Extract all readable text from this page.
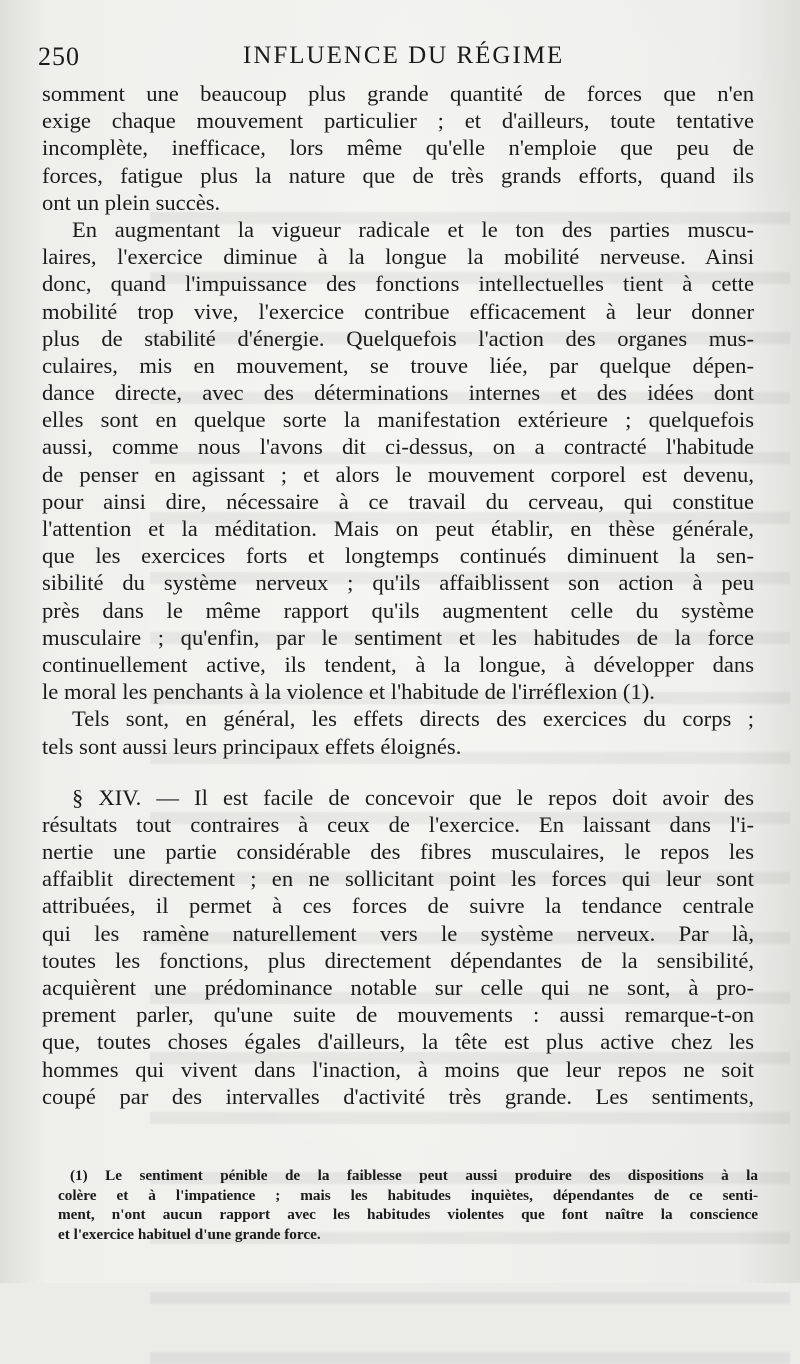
250	INFLUENCE DU RÉGIME
somment une beaucoup plus grande quantité de forces que n'en
exige chaque mouvement particulier ; et d'ailleurs, toute tentative
incomplète, inefficace, lors même qu'elle n'emploie que peu de
forces, fatigue plus la nature que de très grands efforts, quand ils
ont un plein succès.
En augmentant la vigueur radicale et le ton des parties muscu-
laires, l'exercice diminue à la longue la mobilité nerveuse. Ainsi
donc, quand l'impuissance des fonctions intellectuelles tient à cette
mobilité trop vive, l'exercice contribue efficacement à leur donner
plus de stabilité d'énergie. Quelquefois l'action des organes mus-
culaires, mis en mouvement, se trouve liée, par quelque dépen-
dance directe, avec des déterminations internes et des idées dont
elles sont en quelque sorte la manifestation extérieure ; quelquefois
aussi, comme nous l'avons dit ci-dessus, on a contracté l'habitude
de penser en agissant ; et alors le mouvement corporel est devenu,
pour ainsi dire, nécessaire à ce travail du cerveau, qui constitue
l'attention et la méditation. Mais on peut établir, en thèse générale,
que les exercices forts et longtemps continués diminuent la sen-
sibilité du système nerveux ; qu'ils affaiblissent son action à peu
près dans le même rapport qu'ils augmentent celle du système
musculaire ; qu'enfin, par le sentiment et les habitudes de la force
continuellement active, ils tendent, à la longue, à développer dans
le moral les penchants à la violence et l'habitude de l'irréflexion (1).
Tels sont, en général, les effets directs des exercices du corps ;
tels sont aussi leurs principaux effets éloignés.
§ XIV. — Il est facile de concevoir que le repos doit avoir des
résultats tout contraires à ceux de l'exercice. En laissant dans l'i-
nertie une partie considérable des fibres musculaires, le repos les
affaiblit directement ; en ne sollicitant point les forces qui leur sont
attribuées, il permet à ces forces de suivre la tendance centrale
qui les ramène naturellement vers le système nerveux. Par là,
toutes les fonctions, plus directement dépendantes de la sensibilité,
acquièrent une prédominance notable sur celle qui ne sont, à pro-
prement parler, qu'une suite de mouvements : aussi remarque-t-on
que, toutes choses égales d'ailleurs, la tête est plus active chez les
hommes qui vivent dans l'inaction, à moins que leur repos ne soit
coupé par des intervalles d'activité très grande. Les sentiments,
(1) Le sentiment pénible de la faiblesse peut aussi produire des dispositions à la
colère et à l'impatience ; mais les habitudes inquiètes, dépendantes de ce senti-
ment, n'ont aucun rapport avec les habitudes violentes que font naître la conscience
et l'exercice habituel d'une grande force.
